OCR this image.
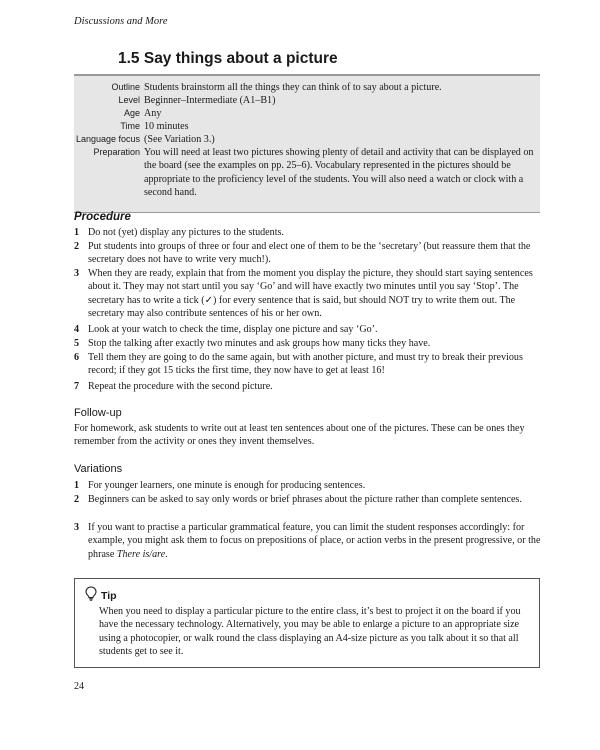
Discussions and More
1.5 Say things about a picture
Outline Students brainstorm all the things they can think of to say about a picture.
Level Beginner–Intermediate (A1–B1)
Age Any
Time 10 minutes
Language focus (See Variation 3.)
Preparation You will need at least two pictures showing plenty of detail and activity that can be displayed on the board (see the examples on pp. 25–6). Vocabulary represented in the pictures should be appropriate to the proficiency level of the students. You will also need a watch or clock with a second hand.
Procedure
1 Do not (yet) display any pictures to the students.
2 Put students into groups of three or four and elect one of them to be the ‘secretary’ (but reassure them that the secretary does not have to write very much!).
3 When they are ready, explain that from the moment you display the picture, they should start saying sentences about it. They may not start until you say ‘Go’ and will have exactly two minutes until you say ‘Stop’. The secretary has to write a tick (✓) for every sentence that is said, but should NOT try to write them out. The secretary may also contribute sentences of his or her own.
4 Look at your watch to check the time, display one picture and say ‘Go’.
5 Stop the talking after exactly two minutes and ask groups how many ticks they have.
6 Tell them they are going to do the same again, but with another picture, and must try to break their previous record; if they got 15 ticks the first time, they now have to get at least 16!
7 Repeat the procedure with the second picture.
Follow-up
For homework, ask students to write out at least ten sentences about one of the pictures. These can be ones they remember from the activity or ones they invent themselves.
Variations
1 For younger learners, one minute is enough for producing sentences.
2 Beginners can be asked to say only words or brief phrases about the picture rather than complete sentences.
3 If you want to practise a particular grammatical feature, you can limit the student responses accordingly: for example, you might ask them to focus on prepositions of place, or action verbs in the present progressive, or the phrase There is/are.
Tip
When you need to display a particular picture to the entire class, it’s best to project it on the board if you have the necessary technology. Alternatively, you may be able to enlarge a picture to an appropriate size using a photocopier, or walk round the class displaying an A4-size picture as you talk about it so that all students get to see it.
24
